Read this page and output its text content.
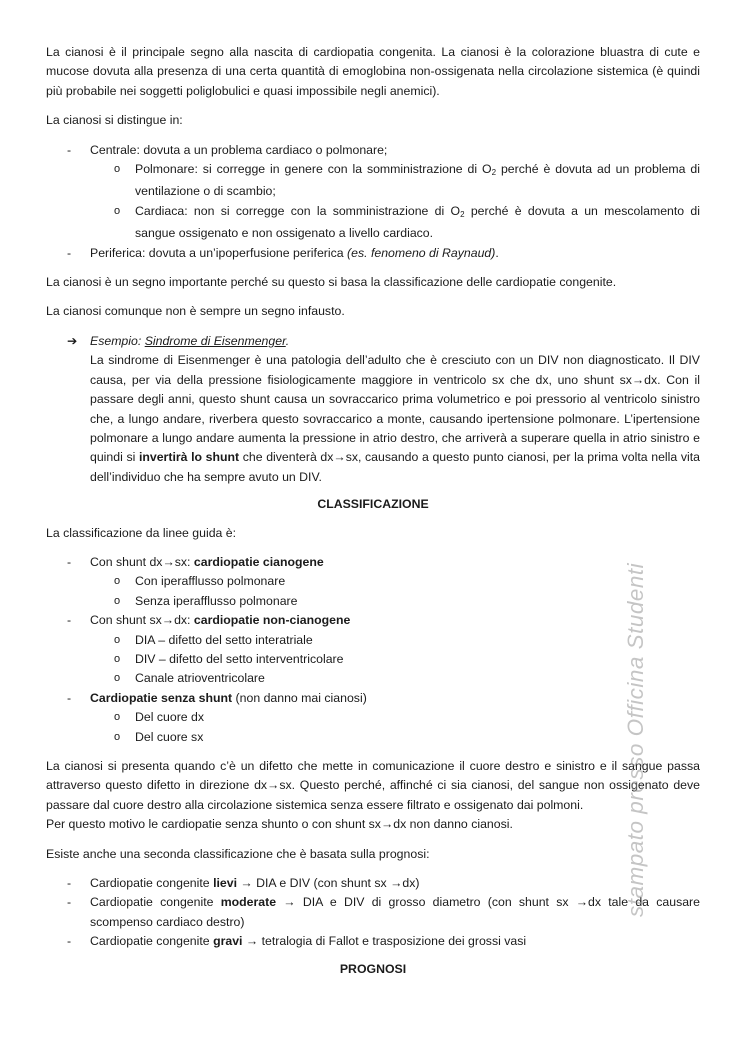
La cianosi è il principale segno alla nascita di cardiopatia congenita. La cianosi è la colorazione bluastra di cute e mucose dovuta alla presenza di una certa quantità di emoglobina non-ossigenata nella circolazione sistemica (è quindi più probabile nei soggetti poliglobulici e quasi impossibile negli anemici).

La cianosi si distingue in:

- Centrale: dovuta a un problema cardiaco o polmonare;
o Polmonare: si corregge in genere con la somministrazione di $O_2$ perché è dovuta ad un problema di ventilazione o di scambio;
o Cardiaca: non si corregge con la somministrazione di $O_2$ perché è dovuta a un mescolamento di sangue ossigenato e non ossigenato a livello cardiaco.
- Periferica: dovuta a un’ipoperfusione periferica (es. fenomeno di Raynaud).

La cianosi è un segno importante perché su questo si basa la classificazione delle cardiopatie congenite.

La cianosi comunque non è sempre un segno infausto.

➔ Esempio: Sindrome di Eisenmenger.
La sindrome di Eisenmenger è una patologia dell’adulto che è cresciuto con un DIV non diagnosticato. Il DIV causa, per via della pressione fisiologicamente maggiore in ventricolo sx che dx, uno shunt sx→dx. Con il passare degli anni, questo shunt causa un sovraccarico prima volumetrico e poi pressorio al ventricolo sinistro che, a lungo andare, riverbera questo sovraccarico a monte, causando ipertensione polmonare. L’ipertensione polmonare a lungo andare aumenta la pressione in atrio destro, che arriverà a superare quella in atrio sinistro e quindi si invertirà lo shunt che diventerà dx→sx, causando a questo punto cianosi, per la prima volta nella vita dell’individuo che ha sempre avuto un DIV.
CLASSIFICAZIONE

La classificazione da linee guida è:

- Con shunt dx→sx: cardiopatie cianogene
o Con iperafflusso polmonare
o Senza iperafflusso polmonare
- Con shunt sx→dx: cardiopatie non-cianogene
o DIA – difetto del setto interatriale
o DIV – difetto del setto interventricolare
o Canale atrioventricolare
- Cardiopatie senza shunt (non danno mai cianosi)
o Del cuore dx
o Del cuore sx

La cianosi si presenta quando c’è un difetto che mette in comunicazione il cuore destro e sinistro e il sangue passa attraverso questo difetto in direzione dx→sx. Questo perché, affinché ci sia cianosi, del sangue non ossigenato deve passare dal cuore destro alla circolazione sistemica senza essere filtrato e ossigenato dai polmoni.

Per questo motivo le cardiopatie senza shunto o con shunt sx→dx non danno cianosi.

Esiste anche una seconda classificazione che è basata sulla prognosi:

- Cardiopatie congenite lievi → DIA e DIV (con shunt sx →dx)
- Cardiopatie congenite moderate → DIA e DIV di grosso diametro (con shunt sx →dx tale da causare scompenso cardiaco destro)
- Cardiopatie congenite gravi → tetralogia di Fallot e trasposizione dei grossi vasi
PROGNOSI
stampato presso Officina Studenti
